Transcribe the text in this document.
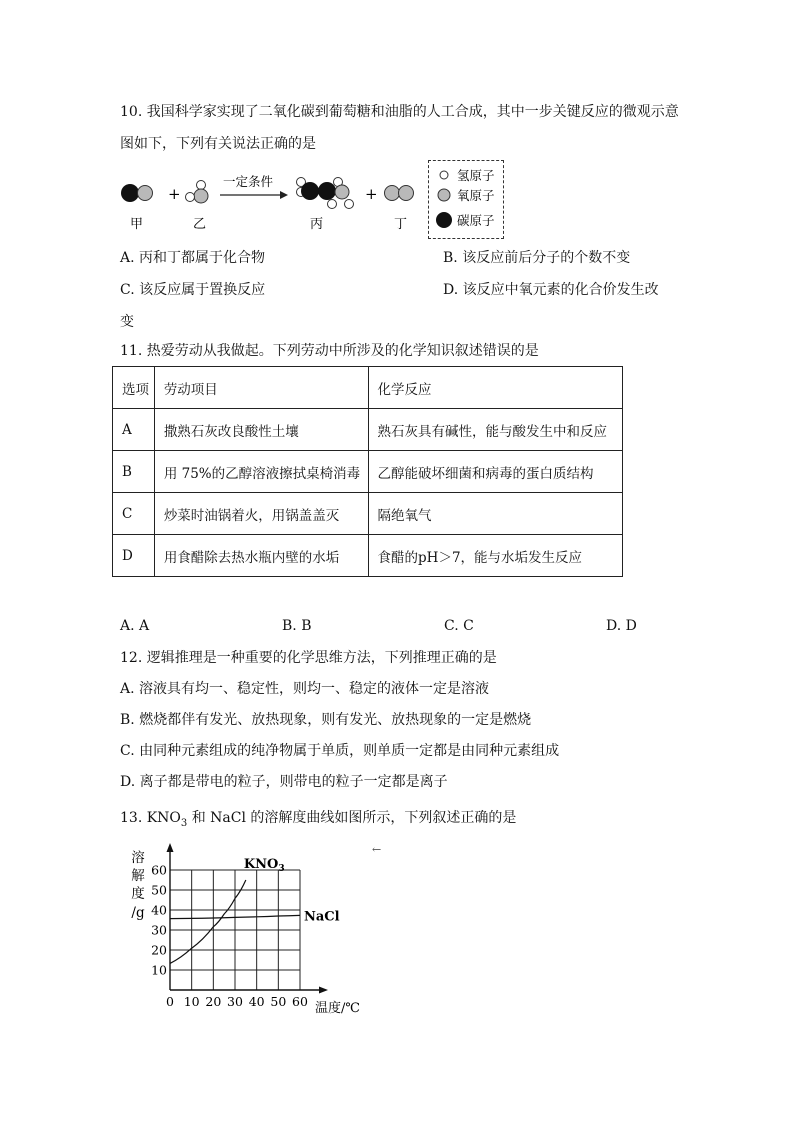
10. 我国科学家实现了二氧化碳到葡萄糖和油脂的人工合成，其中一步关键反应的微观示意
图如下，下列有关说法正确的是
+
一定条件
+
甲	乙	丙	丁
氢原子
氧原子
碳原子
A. 丙和丁都属于化合物	B. 该反应前后分子的个数不变
C. 该反应属于置换反应	D. 该反应中氧元素的化合价发生改
变
11. 热爱劳动从我做起。下列劳动中所涉及的化学知识叙述错误的是
选项	劳动项目	化学反应
A	撒熟石灰改良酸性土壤	熟石灰具有碱性，能与酸发生中和反应
B	用 75%的乙醇溶液擦拭桌椅消毒	乙醇能破坏细菌和病毒的蛋白质结构
C	炒菜时油锅着火，用锅盖盖灭	隔绝氧气
D	用食醋除去热水瓶内壁的水垢	食醋的pH＞7，能与水垢发生反应
A. A	B. B	C. C	D. D
12. 逻辑推理是一种重要的化学思维方法，下列推理正确的是
A. 溶液具有均一、稳定性，则均一、稳定的液体一定是溶液
B. 燃烧都伴有发光、放热现象，则有发光、放热现象的一定是燃烧
C. 由同种元素组成的纯净物属于单质，则单质一定都是由同种元素组成
D. 离子都是带电的粒子，则带电的粒子一定都是离子
13. $KNO_3$ 和 NaCl 的溶解度曲线如图所示，下列叙述正确的是
←
0 10 20 30 40 50 60
10
20
30
40
50
60
溶
解
度
/g
温度/℃
$KNO_3$
NaCl
